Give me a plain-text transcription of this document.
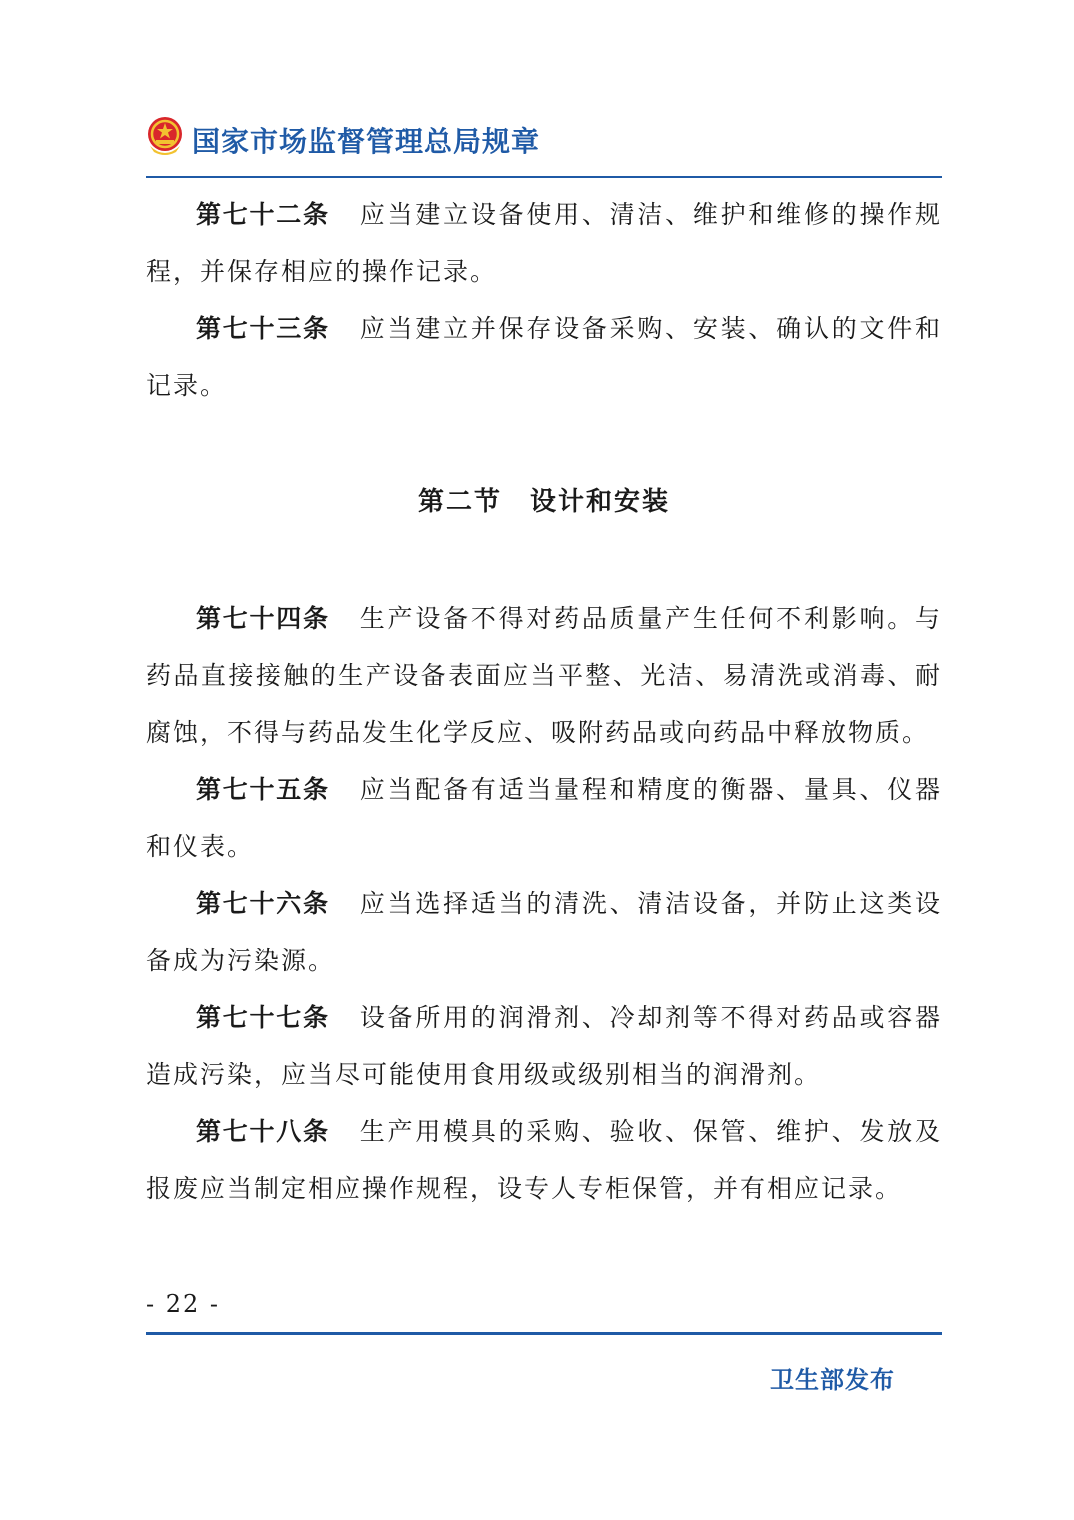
国家市场监督管理总局规章

第七十二条 应当建立设备使用、清洁、维护和维修的操作规程，并保存相应的操作记录。

第七十三条 应当建立并保存设备采购、安装、确认的文件和记录。

第二节　设计和安装

第七十四条 生产设备不得对药品质量产生任何不利影响。与药品直接接触的生产设备表面应当平整、光洁、易清洗或消毒、耐腐蚀，不得与药品发生化学反应、吸附药品或向药品中释放物质。

第七十五条 应当配备有适当量程和精度的衡器、量具、仪器和仪表。

第七十六条 应当选择适当的清洗、清洁设备，并防止这类设备成为污染源。

第七十七条 设备所用的润滑剂、冷却剂等不得对药品或容器造成污染，应当尽可能使用食用级或级别相当的润滑剂。

第七十八条 生产用模具的采购、验收、保管、维护、发放及报废应当制定相应操作规程，设专人专柜保管，并有相应记录。

- 22 -
卫生部发布
